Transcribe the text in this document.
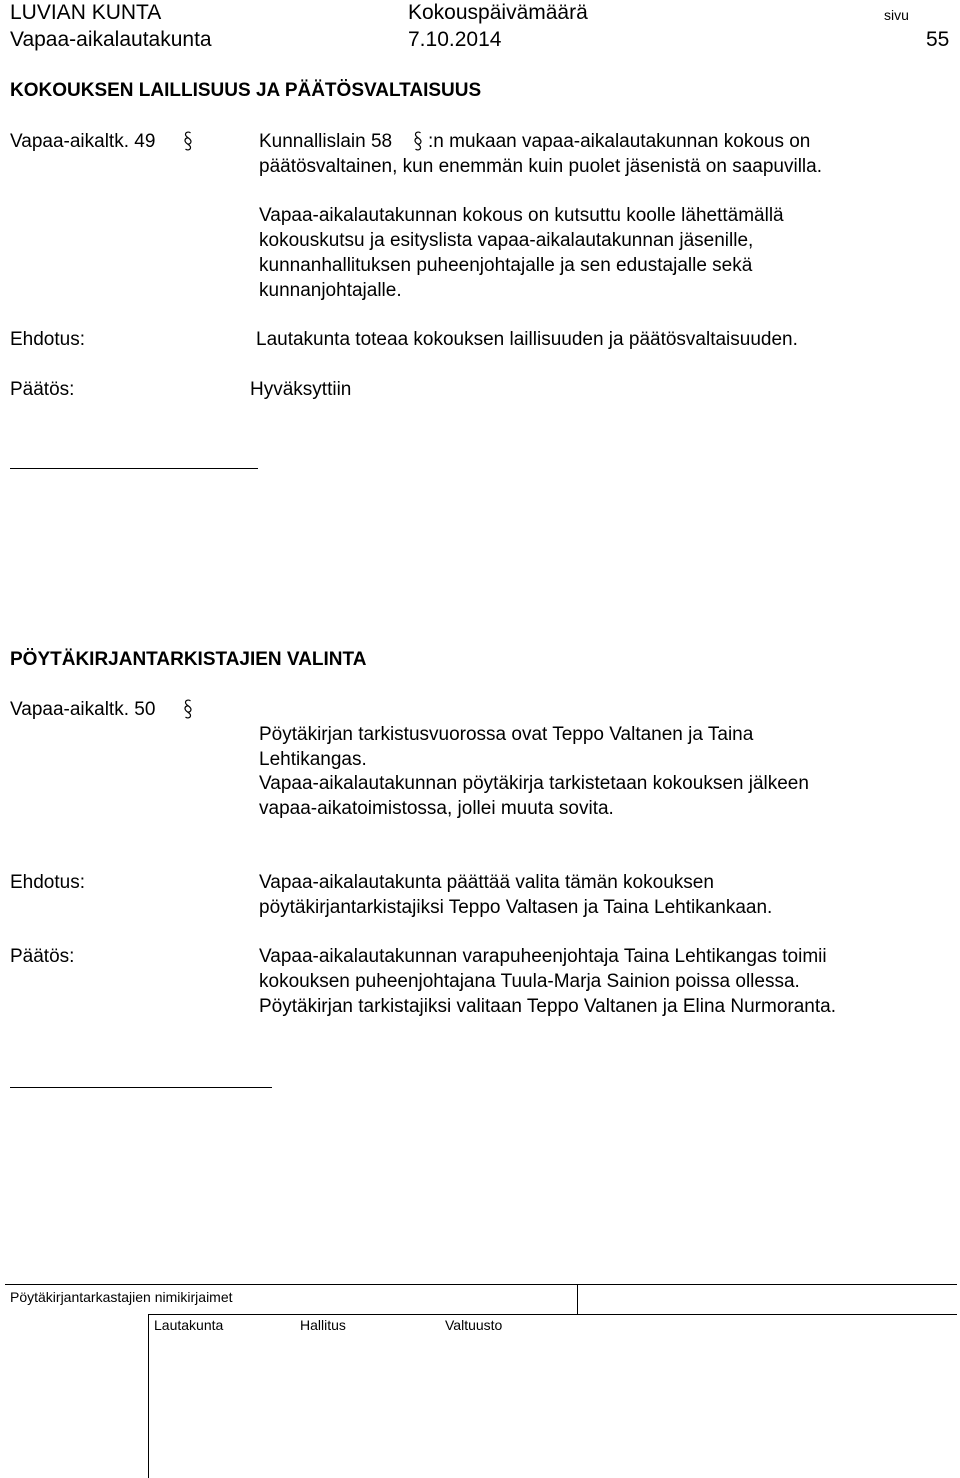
LUVIAN KUNTA	Kokouspäivämäärä	sivu
Vapaa-aikalautakunta	7.10.2014	55
KOKOUKSEN LAILLISUUS JA PÄÄTÖSVALTAISUUS
Vapaa-aikaltk. 49	Kunnallislain 58 :n mukaan vapaa-aikalautakunnan kokous on
päätösvaltainen, kun enemmän kuin puolet jäsenistä on saapuvilla.
Vapaa-aikalautakunnan kokous on kutsuttu koolle lähettämällä
kokouskutsu ja esityslista vapaa-aikalautakunnan jäsenille,
kunnanhallituksen puheenjohtajalle ja sen edustajalle sekä
kunnanjohtajalle.
Ehdotus:	Lautakunta toteaa kokouksen laillisuuden ja päätösvaltaisuuden.
Päätös:	Hyväksyttiin
PÖYTÄKIRJANTARKISTAJIEN VALINTA
Vapaa-aikaltk. 50
Pöytäkirjan tarkistusvuorossa ovat Teppo Valtanen ja Taina
Lehtikangas.
Vapaa-aikalautakunnan pöytäkirja tarkistetaan kokouksen jälkeen
vapaa-aikatoimistossa, jollei muuta sovita.
Ehdotus:	Vapaa-aikalautakunta päättää valita tämän kokouksen
pöytäkirjantarkistajiksi Teppo Valtasen ja Taina Lehtikankaan.
Päätös:	Vapaa-aikalautakunnan varapuheenjohtaja Taina Lehtikangas toimii
kokouksen puheenjohtajana Tuula-Marja Sainion poissa ollessa.
Pöytäkirjan tarkistajiksi valitaan Teppo Valtanen ja Elina Nurmoranta.
Pöytäkirjantarkastajien nimikirjaimet
Lautakunta	Hallitus	Valtuusto
